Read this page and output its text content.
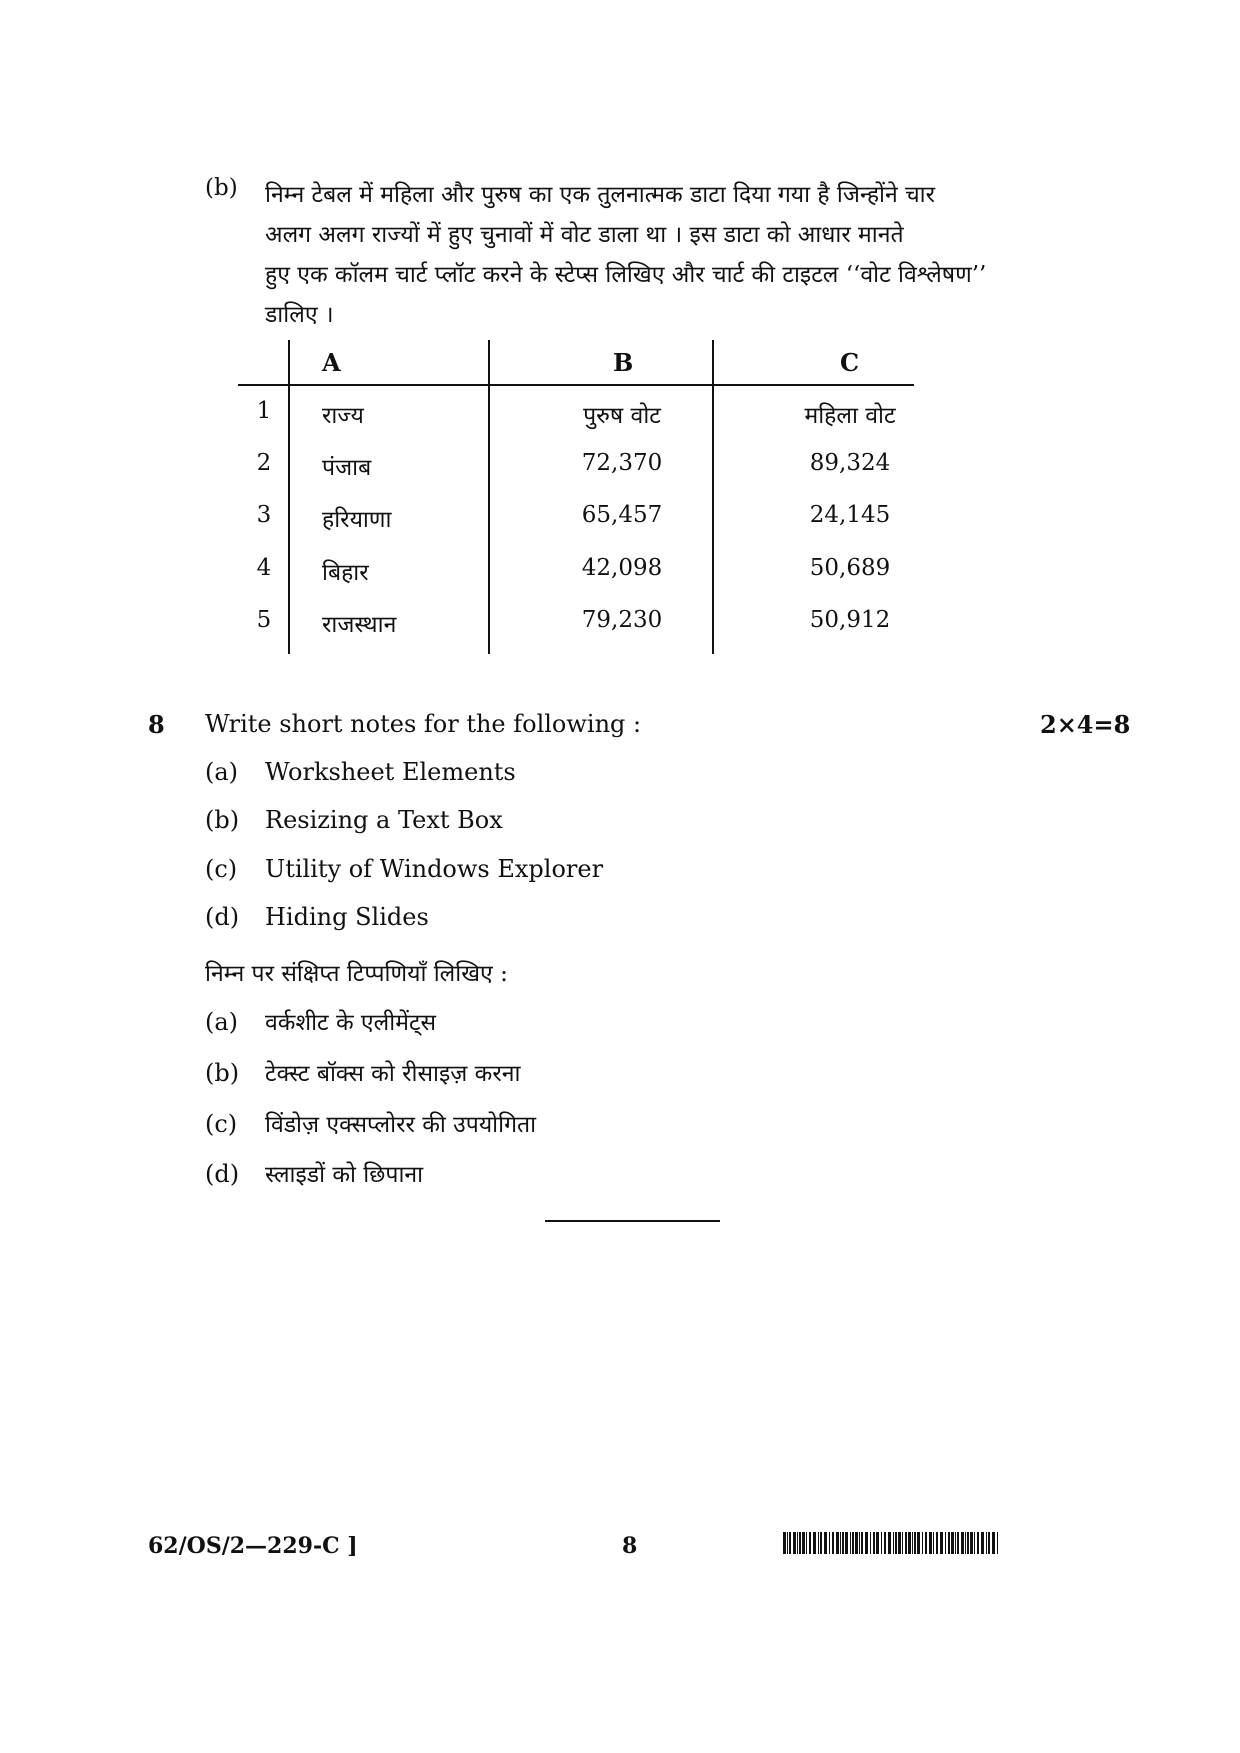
(b) निम्न टेबल में महिला और पुरुष का एक तुलनात्मक डाटा दिया गया है जिन्होंने चार
अलग अलग राज्यों में हुए चुनावों में वोट डाला था । इस डाटा को आधार मानते
हुए एक कॉलम चार्ट प्लॉट करने के स्टेप्स लिखिए और चार्ट की टाइटल ‘‘वोट विश्लेषण’’
डालिए ।
A	B	C
1 राज्य	पुरुष वोट	महिला वोट
2 पंजाब	72,370	89,324
3 हरियाणा	65,457	24,145
4 बिहार	42,098	50,689
5 राजस्थान	79,230	50,912
8 Write short notes for the following :	2×4=8
(a) Worksheet Elements
(b) Resizing a Text Box
(c) Utility of Windows Explorer
(d) Hiding Slides
निम्न पर संक्षिप्त टिप्पणियाँ लिखिए :
(a) वर्कशीट के एलीमेंट्स
(b) टेक्स्ट बॉक्स को रीसाइज़ करना
(c) विंडोज़ एक्सप्लोरर की उपयोगिता
(d) स्लाइडों को छिपाना
62/OS/2—229-C ]	8
